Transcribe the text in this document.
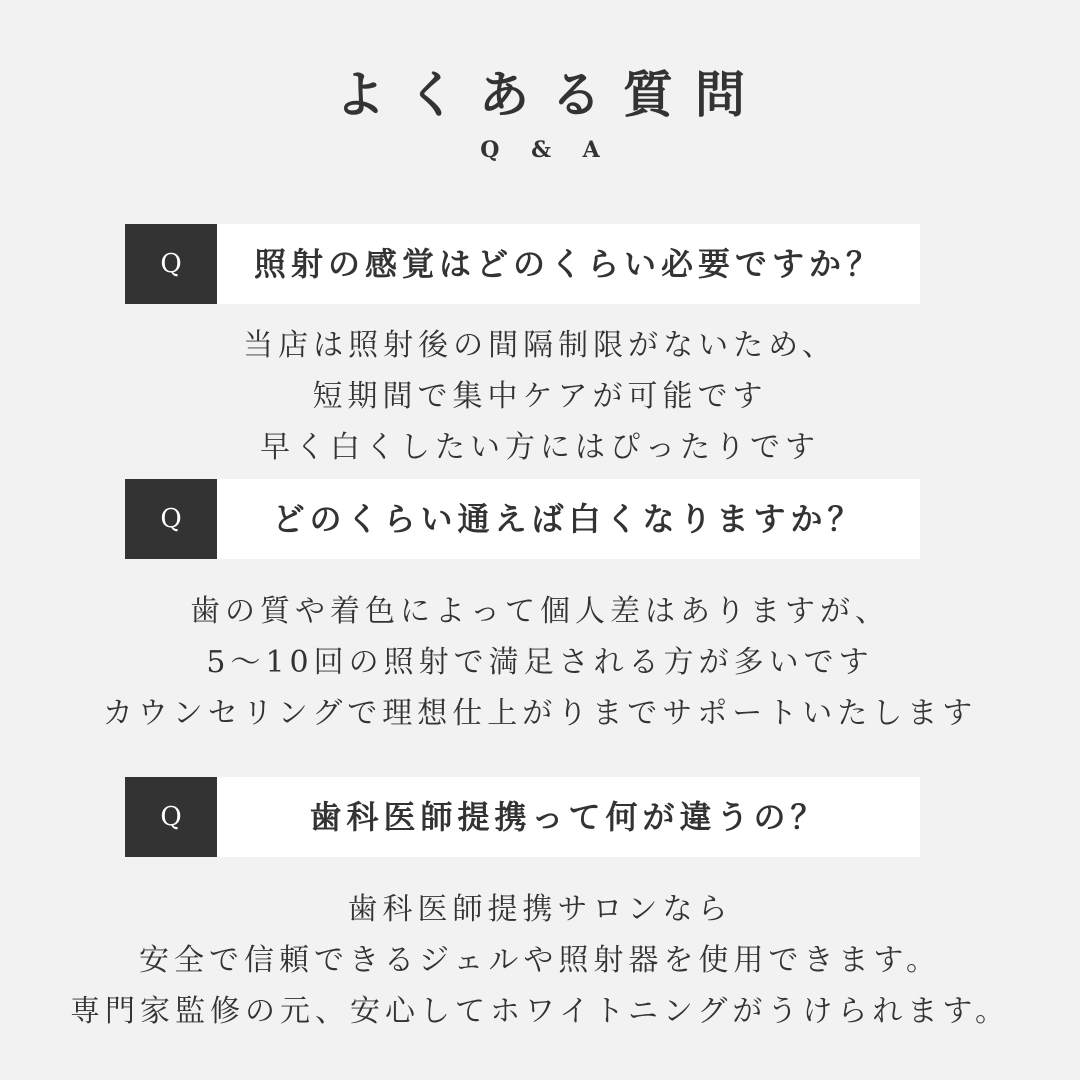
よくある質問
Q & A
Q	照射の感覚はどのくらい必要ですか？
当店は照射後の間隔制限がないため、
短期間で集中ケアが可能です
早く白くしたい方にはぴったりです
Q	どのくらい通えば白くなりますか？
歯の質や着色によって個人差はありますが、
5〜10回の照射で満足される方が多いです
カウンセリングで理想仕上がりまでサポートいたします
Q	歯科医師提携って何が違うの？
歯科医師提携サロンなら
安全で信頼できるジェルや照射器を使用できます。
専門家監修の元、安心してホワイトニングがうけられます。
